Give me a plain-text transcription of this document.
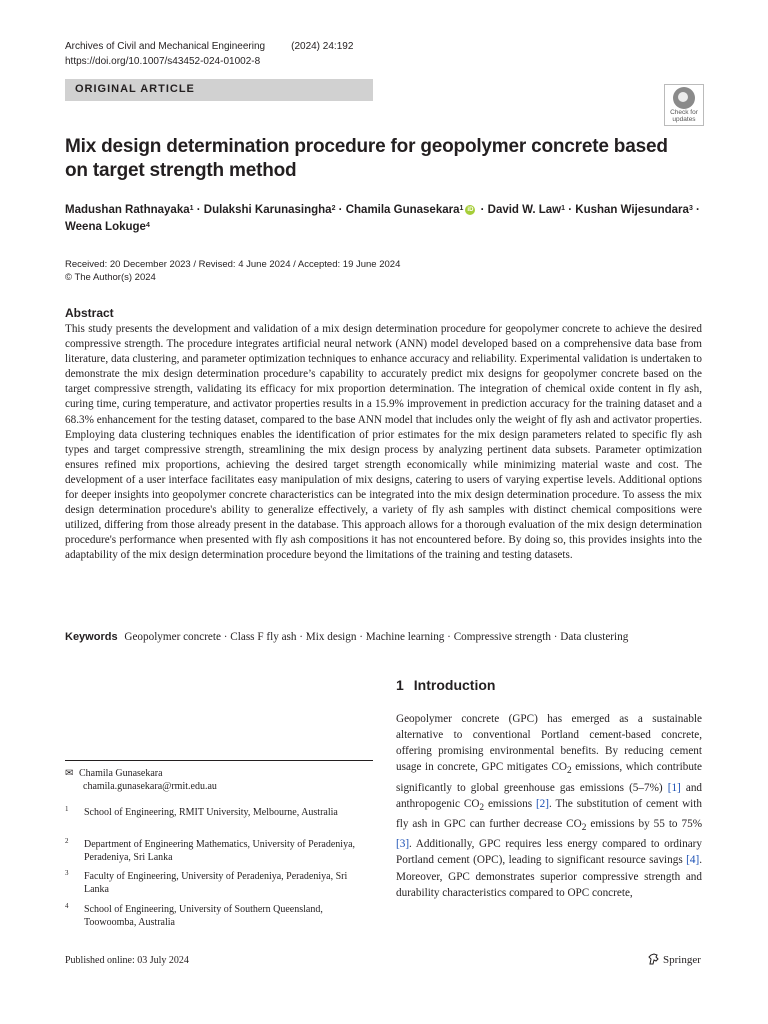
Archives of Civil and Mechanical Engineering	(2024) 24:192
https://doi.org/10.1007/s43452-024-01002-8
ORIGINAL ARTICLE
Check for updates
Mix design determination procedure for geopolymer concrete based on target strength method
Madushan Rathnayaka$^1$ · Dulakshi Karunasingha$^2$ · Chamila Gunasekara$^1$ iD · David W. Law$^1$ · Kushan Wijesundara$^3$ ·
Weena Lokuge$^4$
Received: 20 December 2023 / Revised: 4 June 2024 / Accepted: 19 June 2024
© The Author(s) 2024
Abstract
This study presents the development and validation of a mix design determination procedure for geopolymer concrete to achieve the desired compressive strength. The procedure integrates artificial neural network (ANN) model developed based on a comprehensive data base from literature, data clustering, and parameter optimization techniques to enhance accuracy and reliability. Experimental validation is undertaken to demonstrate the mix design determination procedure’s capability to accurately predict mix designs for geopolymer concrete based on the target compressive strength, validating its efficacy for mix proportion determination. The integration of chemical oxide content in fly ash, curing time, curing temperature, and activator properties results in a 15.9% improvement in prediction accuracy for the training dataset and a 68.3% enhancement for the testing dataset, compared to the base ANN model that includes only the weight of fly ash and activator properties. Employing data clustering techniques enables the identification of prior estimates for the mix design parameters related to specific fly ash types and target compressive strength, streamlining the mix design process by analyzing pertinent data subsets. Parameter optimization ensures refined mix proportions, achieving the desired target strength economically while minimizing material waste and cost. The development of a user interface facilitates easy manipulation of mix designs, catering to users of varying expertise levels. Additional options for deeper insights into geopolymer concrete characteristics can be integrated into the mix design determination procedure. To assess the mix design determination procedure's ability to generalize effectively, a variety of fly ash samples with distinct chemical compositions were utilized, differing from those already present in the database. This approach allows for a thorough evaluation of the mix design determination procedure's performance when presented with fly ash compositions it has not encountered before. By doing so, this provides insights into the adaptability of the mix design determination procedure beyond the limitations of the training and testing datasets.
Keywords Geopolymer concrete · Class F fly ash · Mix design · Machine learning · Compressive strength · Data clustering
1 Introduction
Geopolymer concrete (GPC) has emerged as a sustainable alternative to conventional Portland cement-based concrete, offering promising environmental benefits. By reducing cement usage in concrete, GPC mitigates $CO_2$ emissions, which contribute significantly to global greenhouse gas emissions (5–7%) [1] and anthropogenic $CO_2$ emissions [2]. The substitution of cement with fly ash in GPC can further decrease $CO_2$ emissions by 55 to 75% [3]. Additionally, GPC requires less energy compared to ordinary Portland cement (OPC), leading to significant resource savings [4]. Moreover, GPC demonstrates superior compressive strength and durability characteristics compared to OPC concrete,
✉ Chamila Gunasekara
chamila.gunasekara@rmit.edu.au
1 School of Engineering, RMIT University, Melbourne, Australia
2 Department of Engineering Mathematics, University of Peradeniya, Peradeniya, Sri Lanka
3 Faculty of Engineering, University of Peradeniya, Peradeniya, Sri Lanka
4 School of Engineering, University of Southern Queensland, Toowoomba, Australia
Published online: 03 July 2024	Springer
